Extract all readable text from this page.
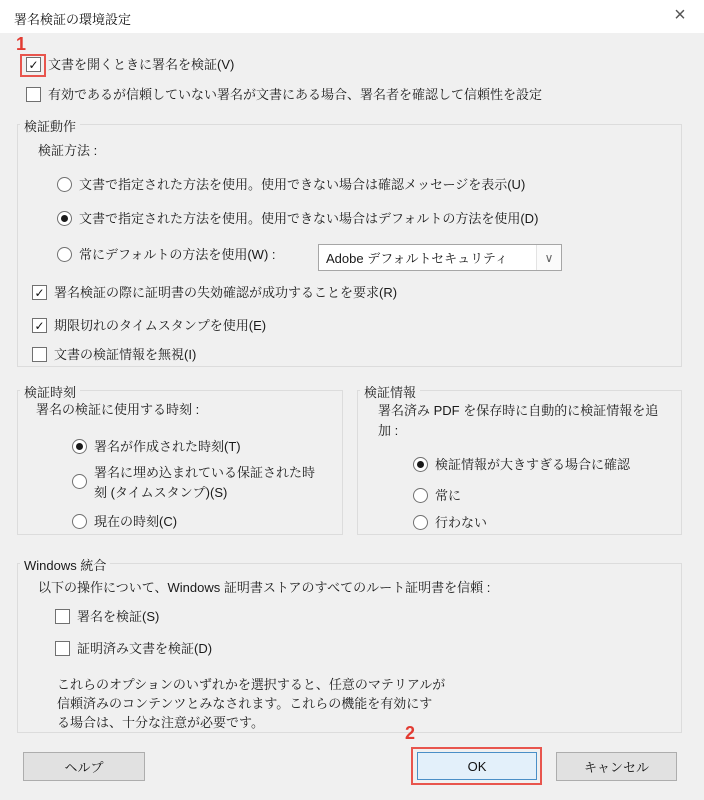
署名検証の環境設定	×
✓ 文書を開くときに署名を検証(V)
有効であるが信頼していない署名が文書にある場合、署名者を確認して信頼性を設定
検証動作
検証方法 :
文書で指定された方法を使用。使用できない場合は確認メッセージを表示(U)
文書で指定された方法を使用。使用できない場合はデフォルトの方法を使用(D)
常にデフォルトの方法を使用(W) :	Adobe デフォルトセキュリティ	∨
✓ 署名検証の際に証明書の失効確認が成功することを要求(R)
✓ 期限切れのタイムスタンプを使用(E)
文書の検証情報を無視(I)
検証時刻
署名の検証に使用する時刻 :
署名が作成された時刻(T)
署名に埋め込まれている保証された時刻 (タイムスタンプ)(S)
現在の時刻(C)
検証情報
署名済み PDF を保存時に自動的に検証情報を追加 :
検証情報が大きすぎる場合に確認
常に
行わない
Windows 統合
以下の操作について、Windows 証明書ストアのすべてのルート証明書を信頼 :
署名を検証(S)
証明済み文書を検証(D)
これらのオプションのいずれかを選択すると、任意のマテリアルが
信頼済みのコンテンツとみなされます。これらの機能を有効にす
る場合は、十分な注意が必要です。
ヘルプ	OK	キャンセル
1
2
